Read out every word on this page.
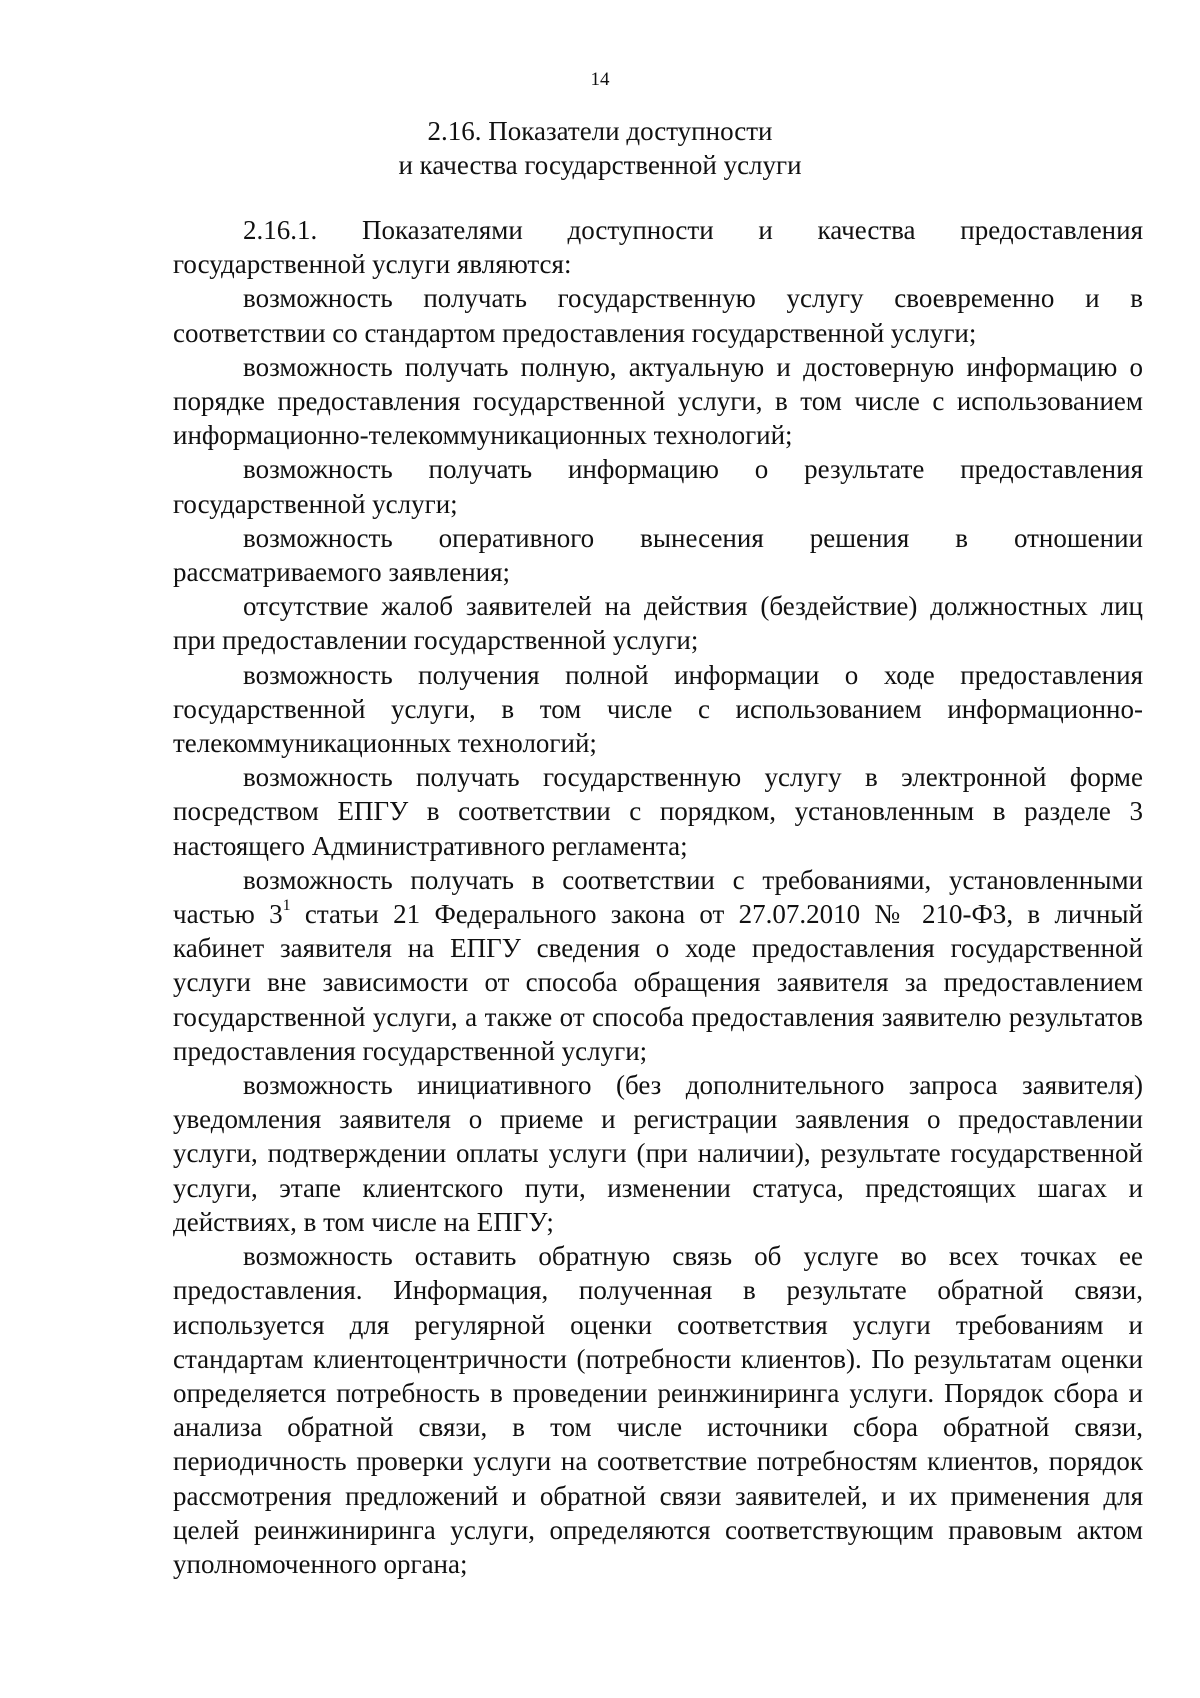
14
2.16. Показатели доступности
и качества государственной услуги

2.16.1. Показателями доступности и качества предоставления государственной услуги являются:

возможность получать государственную услугу своевременно и в соответствии со стандартом предоставления государственной услуги;

возможность получать полную, актуальную и достоверную информацию о порядке предоставления государственной услуги, в том числе с использованием информационно-телекоммуникационных технологий;

возможность получать информацию о результате предоставления государственной услуги;

возможность оперативного вынесения решения в отношении рассматриваемого заявления;

отсутствие жалоб заявителей на действия (бездействие) должностных лиц при предоставлении государственной услуги;

возможность получения полной информации о ходе предоставления государственной услуги, в том числе с использованием информационно-телекоммуникационных технологий;

возможность получать государственную услугу в электронной форме посредством ЕПГУ в соответствии с порядком, установленным в разделе 3 настоящего Административного регламента;

возможность получать в соответствии с требованиями, установленными частью $3^1$ статьи 21 Федерального закона от 27.07.2010 № 210-ФЗ, в личный кабинет заявителя на ЕПГУ сведения о ходе предоставления государственной услуги вне зависимости от способа обращения заявителя за предоставлением государственной услуги, а также от способа предоставления заявителю результатов предоставления государственной услуги;

возможность инициативного (без дополнительного запроса заявителя) уведомления заявителя о приеме и регистрации заявления о предоставлении услуги, подтверждении оплаты услуги (при наличии), результате государственной услуги, этапе клиентского пути, изменении статуса, предстоящих шагах и действиях, в том числе на ЕПГУ;

возможность оставить обратную связь об услуге во всех точках ее предоставления. Информация, полученная в результате обратной связи, используется для регулярной оценки соответствия услуги требованиям и стандартам клиентоцентричности (потребности клиентов). По результатам оценки определяется потребность в проведении реинжиниринга услуги. Порядок сбора и анализа обратной связи, в том числе источники сбора обратной связи, периодичность проверки услуги на соответствие потребностям клиентов, порядок рассмотрения предложений и обратной связи заявителей, и их применения для целей реинжиниринга услуги, определяются соответствующим правовым актом уполномоченного органа;
